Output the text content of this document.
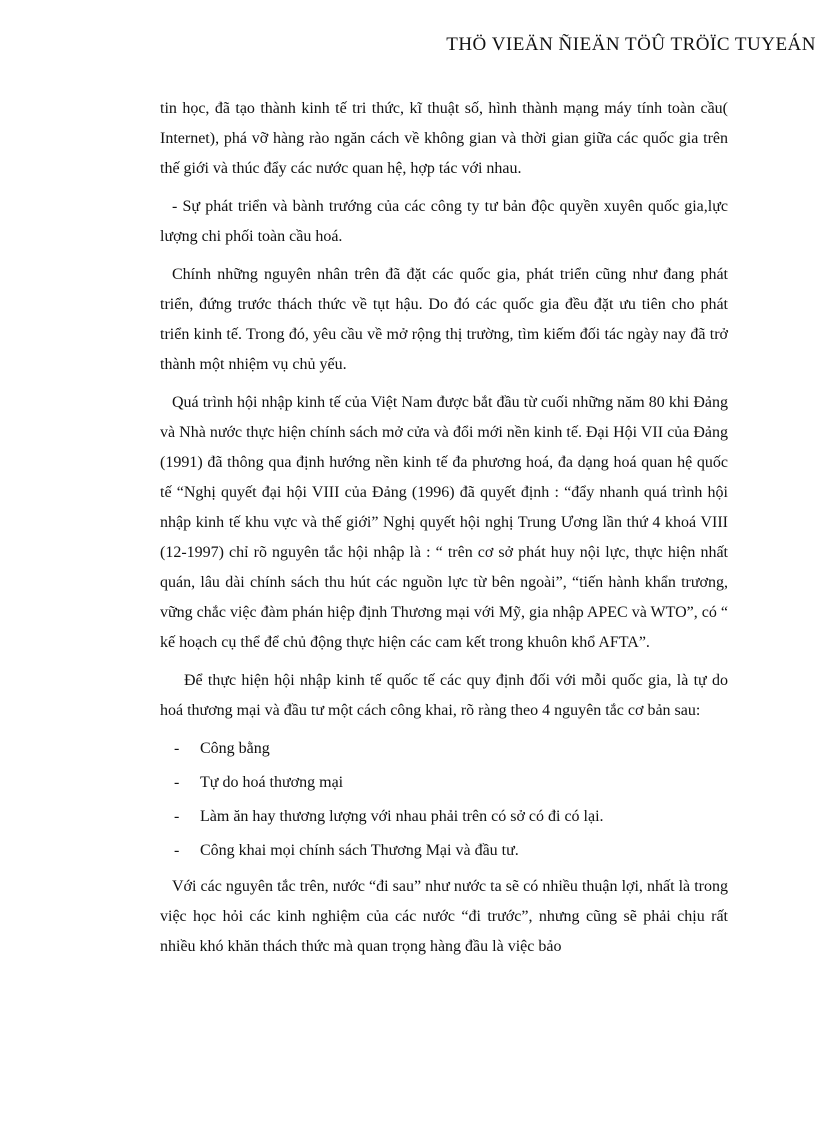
THÖ VIEÄN ÑIEÄN TÖÛ TRÖÏC TUYEÁN

tin học, đã tạo thành kinh tế tri thức, kĩ thuật số, hình thành mạng máy tính toàn cầu( Internet), phá vỡ hàng rào ngăn cách về không gian và thời gian giữa các quốc gia trên thế giới và thúc đẩy các nước quan hệ, hợp tác với nhau.

- Sự phát triển và bành trướng của các công ty tư bản độc quyền xuyên quốc gia,lực lượng chi phối toàn cầu hoá.

Chính những nguyên nhân trên đã đặt các quốc gia, phát triển cũng như đang phát triển, đứng trước thách thức về tụt hậu. Do đó các quốc gia đều đặt ưu tiên cho phát triển kinh tế. Trong đó, yêu cầu về mở rộng thị trường, tìm kiếm đối tác ngày nay đã trở thành một nhiệm vụ chủ yếu.

Quá trình hội nhập kinh tế của Việt Nam được bắt đầu từ cuối những năm 80 khi Đảng và Nhà nước thực hiện chính sách mở cửa và đổi mới nền kinh tế. Đại Hội VII của Đảng (1991) đã thông qua định hướng nền kinh tế đa phương hoá, đa dạng hoá quan hệ quốc tế “Nghị quyết đại hội VIII của Đảng (1996) đã quyết định : “đẩy nhanh quá trình hội nhập kinh tế khu vực và thế giới” Nghị quyết hội nghị Trung Ương lần thứ 4 khoá VIII (12-1997) chỉ rõ nguyên tắc hội nhập là : “ trên cơ sở phát huy nội lực, thực hiện nhất quán, lâu dài chính sách thu hút các nguồn lực từ bên ngoài”, “tiến hành khẩn trương, vững chắc việc đàm phán hiệp định Thương mại với Mỹ, gia nhập APEC và WTO”, có “ kế hoạch cụ thể để chủ động thực hiện các cam kết trong khuôn khổ AFTA”.

Để thực hiện hội nhập kinh tế quốc tế các quy định đối với mỗi quốc gia, là tự do hoá thương mại và đầu tư một cách công khai, rõ ràng theo 4 nguyên tắc cơ bản sau:

- Công bằng
- Tự do hoá thương mại
- Làm ăn hay thương lượng với nhau phải trên có sở có đi có lại.
- Công khai mọi chính sách Thương Mại và đầu tư.

Với các nguyên tắc trên, nước “đi sau” như nước ta sẽ có nhiều thuận lợi, nhất là trong việc học hỏi các kinh nghiệm của các nước “đi trước”, nhưng cũng sẽ phải chịu rất nhiều khó khăn thách thức mà quan trọng hàng đầu là việc bảo
